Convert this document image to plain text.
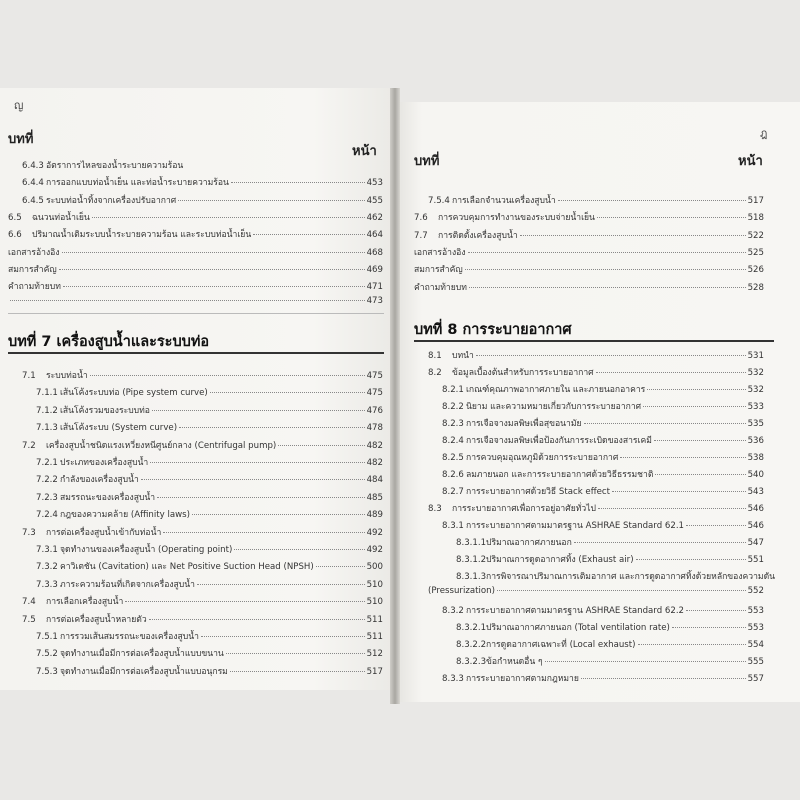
ญ
บทที่
หน้า
6.4.3 อัตราการไหลของน้ำระบายความร้อน
6.4.4 การออกแบบท่อน้ำเย็น และท่อน้ำระบายความร้อน	453
6.4.5 ระบบท่อน้ำทิ้งจากเครื่องปรับอากาศ	455
6.5	ฉนวนท่อน้ำเย็น	462
6.6	ปริมาณน้ำเติมระบบน้ำระบายความร้อน และระบบท่อน้ำเย็น	464
เอกสารอ้างอิง	468
สมการสำคัญ	469
คำถามท้ายบท	471
473
บทที่ 7 เครื่องสูบน้ำและระบบท่อ
7.1	ระบบท่อน้ำ	475
7.1.1 เส้นโค้งระบบท่อ (Pipe system curve)	475
7.1.2 เส้นโค้งรวมของระบบท่อ	476
7.1.3 เส้นโค้งระบบ (System curve)	478
7.2	เครื่องสูบน้ำชนิดแรงเหวี่ยงหนีศูนย์กลาง (Centrifugal pump)	482
7.2.1 ประเภทของเครื่องสูบน้ำ	482
7.2.2 กำลังของเครื่องสูบน้ำ	484
7.2.3 สมรรถนะของเครื่องสูบน้ำ	485
7.2.4 กฎของความคล้าย (Affinity laws)	489
7.3	การต่อเครื่องสูบน้ำเข้ากับท่อน้ำ	492
7.3.1 จุดทำงานของเครื่องสูบน้ำ (Operating point)	492
7.3.2 คาวิเตชัน (Cavitation) และ Net Positive Suction Head (NPSH)	500
7.3.3 ภาระความร้อนที่เกิดจากเครื่องสูบน้ำ	510
7.4	การเลือกเครื่องสูบน้ำ	510
7.5	การต่อเครื่องสูบน้ำหลายตัว	511
7.5.1 การรวมเส้นสมรรถนะของเครื่องสูบน้ำ	511
7.5.2 จุดทำงานเมื่อมีการต่อเครื่องสูบน้ำแบบขนาน	512
7.5.3 จุดทำงานเมื่อมีการต่อเครื่องสูบน้ำแบบอนุกรม	517
ฎ
บทที่	หน้า
7.5.4 การเลือกจำนวนเครื่องสูบน้ำ	517
7.6	การควบคุมการทำงานของระบบจ่ายน้ำเย็น	518
7.7	การติดตั้งเครื่องสูบน้ำ	522
เอกสารอ้างอิง	525
สมการสำคัญ	526
คำถามท้ายบท	528
บทที่ 8 การระบายอากาศ
8.1	บทนำ	531
8.2	ข้อมูลเบื้องต้นสำหรับการระบายอากาศ	532
8.2.1 เกณฑ์คุณภาพอากาศภายใน และภายนอกอาคาร	532
8.2.2 นิยาม และความหมายเกี่ยวกับการระบายอากาศ	533
8.2.3 การเจือจางมลพิษเพื่อสุขอนามัย	535
8.2.4 การเจือจางมลพิษเพื่อป้องกันการระเบิดของสารเคมี	536
8.2.5 การควบคุมอุณหภูมิด้วยการระบายอากาศ	538
8.2.6 ลมภายนอก และการระบายอากาศด้วยวิธีธรรมชาติ	540
8.2.7 การระบายอากาศด้วยวิธี Stack effect	543
8.3	การระบายอากาศเพื่อการอยู่อาศัยทั่วไป	546
8.3.1 การระบายอากาศตามมาตรฐาน ASHRAE Standard 62.1	546
8.3.1.1 ปริมาณอากาศภายนอก	547
8.3.1.2 ปริมาณการดูดอากาศทิ้ง (Exhaust air)	551
8.3.1.3 การพิจารณาปริมาณการเติมอากาศ และการดูดอากาศทิ้งด้วยหลักของความดัน
(Pressurization)	552
8.3.2 การระบายอากาศตามมาตรฐาน ASHRAE Standard 62.2	553
8.3.2.1 ปริมาณอากาศภายนอก (Total ventilation rate)	553
8.3.2.2 การดูดอากาศเฉพาะที่ (Local exhaust)	554
8.3.2.3 ข้อกำหนดอื่น ๆ	555
8.3.3 การระบายอากาศตามกฎหมาย	557
